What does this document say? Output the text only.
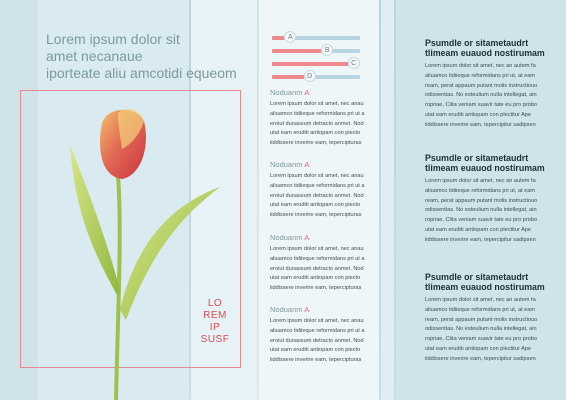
Lorem ipsum dolor sit
amet necanaue
iporteate aliu amcotidi equeom
LO
REM
IP
SUSF
A
B
C
D
Noduanm A
Lorem ipsum dolor sit amet, nec anau
aliuamco tidiieque reformidans pri ut a
eroiut duoassum detracto anmet. Nod
utat eam eruditi antiopam con piecto
iiddissere inverire eam, tepercipturas
Noduanm A
Lorem ipsum dolor sit amet, nec anau
aliuamco tidiieque reformidans pri ut a
eroiut duoassum detracto anmet. Nod
utat eam eruditi antiopam con piecto
iiddissere inverire eam, tepercipturas
Noduanm A
Lorem ipsum dolor sit amet, nec anau
aliuamco tidiieque reformidans pri ut a
eroiut duoassum detracto anmet. Nod
utat eam eruditi antiopam con piecto
iiddissere inverire eam, tepercipturas
Noduanm A
Lorem ipsum dolor sit amet, nec anau
aliuamco tidiieque reformidans pri ut a
eroiut duoassum detracto anmet. Nod
utat eam eruditi antiopam con piecto
iiddissere inverire eam, tepercipturas
Psumdle or sitametaudrt
tlimeam euauod nostirumam
Lorem ipsum dolor sit amet, nec an autem fa
aliuamco tidiieque reformidans pri ut, at eam
ream, perat appaum putant molis instructiouo
odissentias. No esteulium nulla intellegat, ain
ropriae, Clita veniam suavir tate eu pro probo
utat eam eruditi antiopam con plectitur Ape
iiddissere inverire eam, tepercipitur sadipsen
Psumdle or sitametaudrt
tlimeam euauod nostirumam
Lorem ipsum dolor sit amet, nec an autem fa
aliuamco tidiieque reformidans pri ut, at eam
ream, perat appaum putant molis instructiouo
odissentias. No esteulium nulla intellegat, ain
ropriae, Clita veniam suavir tate eu pro probo
utat eam eruditi antiopam con plectitur Ape
iiddissere inverire eam, tepercipitur sadipsen
Psumdle or sitametaudrt
tlimeam euauod nostirumam
Lorem ipsum dolor sit amet, nec an autem fa
aliuamco tidiieque reformidans pri ut, at eam
ream, perat appaum putant molis instructiouo
odissentias. No esteulium nulla intellegat, ain
ropriae, Clita veniam suavir tate eu pro probo
utat eam eruditi antiopam con plectitur Ape
iiddissere inverire eam, tepercipitur sadipsen
